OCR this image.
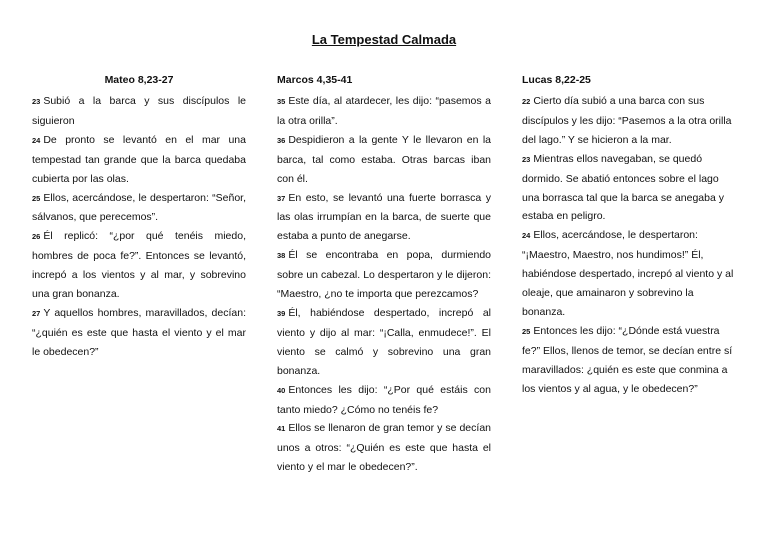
La Tempestad Calmada
Mateo 8,23-27

23 Subió a la barca y sus discípulos le siguieron

24 De pronto se levantó en el mar una tempestad tan grande que la barca quedaba cubierta por las olas.

25 Ellos, acercándose, le despertaron: “Señor, sálvanos, que perecemos”.

26 Él replicó: “¿por qué tenéis miedo, hombres de poca fe?”. Entonces se levantó, increpó a los vientos y al mar, y sobrevino una gran bonanza.

27 Y aquellos hombres, maravillados, decían: “¿quién es este que hasta el viento y el mar le obedecen?”

Marcos 4,35-41

35 Este día, al atardecer, les dijo: “pasemos a la otra orilla”.

36 Despidieron a la gente Y le llevaron en la barca, tal como estaba. Otras barcas iban con él.

37 En esto, se levantó una fuerte borrasca y las olas irrumpían en la barca, de suerte que estaba a punto de anegarse.

38 Él se encontraba en popa, durmiendo sobre un cabezal. Lo despertaron y le dijeron: “Maestro, ¿no te importa que perezcamos?

39 Él, habiéndose despertado, increpó al viento y dijo al mar: “¡Calla, enmudece!”. El viento se calmó y sobrevino una gran bonanza.

40 Entonces les dijo: “¿Por qué estáis con tanto miedo? ¿Cómo no tenéis fe?

41 Ellos se llenaron de gran temor y se decían unos a otros: “¿Quién es este que hasta el viento y el mar le obedecen?”.

Lucas 8,22-25

22 Cierto día subió a una barca con sus discípulos y les dijo: “Pasemos a la otra orilla del lago.” Y se hicieron a la mar.

23 Mientras ellos navegaban, se quedó dormido. Se abatió entonces sobre el lago una borrasca tal que la barca se anegaba y estaba en peligro.

24 Ellos, acercándose, le despertaron: “¡Maestro, Maestro, nos hundimos!” Él, habiéndose despertado, increpó al viento y al oleaje, que amainaron y sobrevino la bonanza.

25 Entonces les dijo: “¿Dónde está vuestra fe?” Ellos, llenos de temor, se decían entre sí maravillados: ¿quién es este que conmina a los vientos y al agua, y le obedecen?”
